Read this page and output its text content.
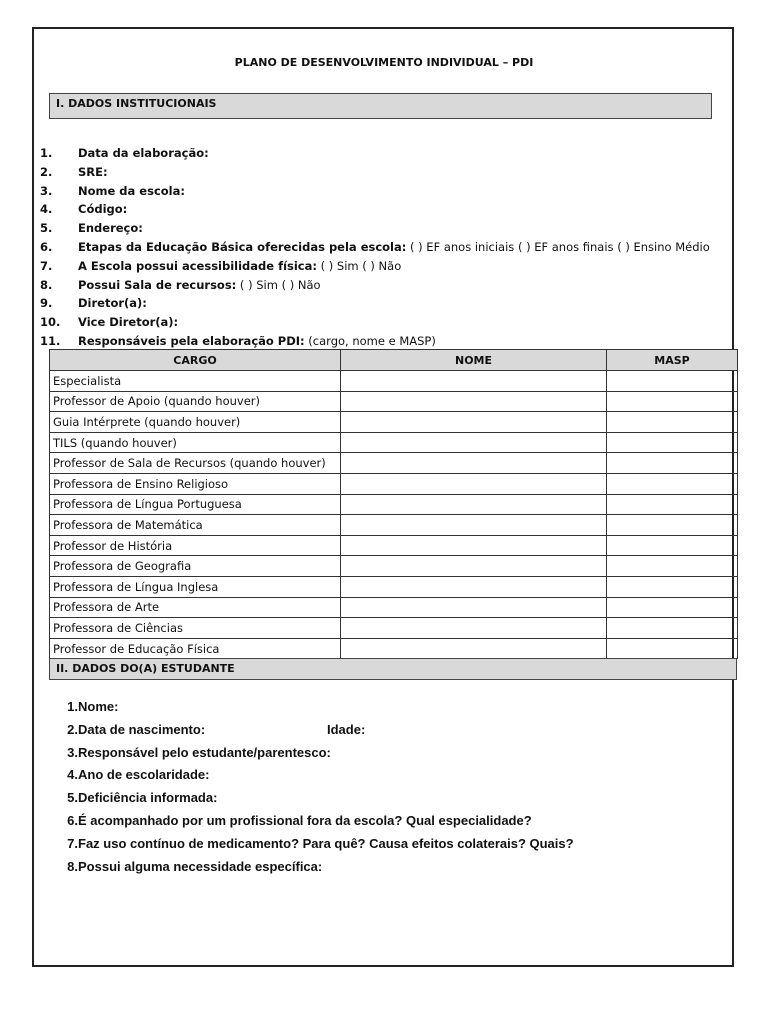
PLANO DE DESENVOLVIMENTO INDIVIDUAL – PDI
I. DADOS INSTITUCIONAIS
1.	Data da elaboração:
2.	SRE:
3.	Nome da escola:
4.	Código:
5.	Endereço:
6.	Etapas da Educação Básica oferecidas pela escola: ( ) EF anos iniciais ( ) EF anos finais ( ) Ensino Médio
7.	A Escola possui acessibilidade física: ( ) Sim ( ) Não
8.	Possui Sala de recursos: ( ) Sim ( ) Não
9.	Diretor(a):
10.	Vice Diretor(a):
11.	Responsáveis pela elaboração PDI: (cargo, nome e MASP)
CARGO	NOME	MASP
Especialista		
Professor de Apoio (quando houver)		
Guia Intérprete (quando houver)		
TILS (quando houver)		
Professor de Sala de Recursos (quando houver)		
Professora de Ensino Religioso		
Professora de Língua Portuguesa		
Professora de Matemática		
Professor de História		
Professora de Geografia		
Professora de Língua Inglesa		
Professora de Arte		
Professora de Ciências		
Professor de Educação Física		
II. DADOS DO(A) ESTUDANTE
1. Nome:
2. Data de nascimento:	Idade:
3. Responsável pelo estudante/parentesco:
4. Ano de escolaridade:
5. Deficiência informada:
6. É acompanhado por um profissional fora da escola? Qual especialidade?
7. Faz uso contínuo de medicamento? Para quê? Causa efeitos colaterais? Quais?
8. Possui alguma necessidade específica:
